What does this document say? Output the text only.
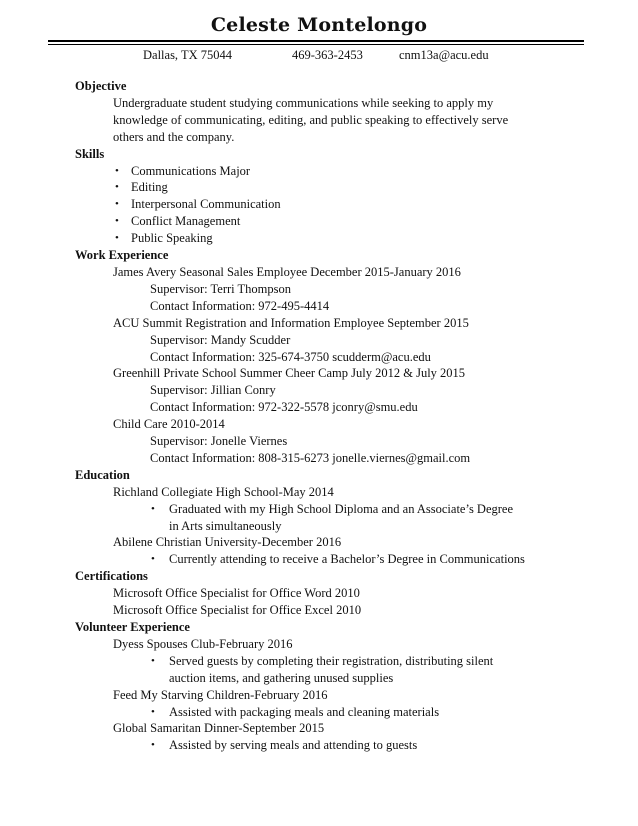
Celeste Montelongo
Dallas, TX 75044	469-363-2453	cnm13a@acu.edu
Objective
Undergraduate student studying communications while seeking to apply my
knowledge of communicating, editing, and public speaking to effectively serve
others and the company.
Skills
• Communications Major
• Editing
• Interpersonal Communication
• Conflict Management
• Public Speaking
Work Experience
James Avery Seasonal Sales Employee December 2015-January 2016
Supervisor: Terri Thompson
Contact Information: 972-495-4414
ACU Summit Registration and Information Employee September 2015
Supervisor: Mandy Scudder
Contact Information: 325-674-3750 scudderm@acu.edu
Greenhill Private School Summer Cheer Camp July 2012 & July 2015
Supervisor: Jillian Conry
Contact Information: 972-322-5578 jconry@smu.edu
Child Care 2010-2014
Supervisor: Jonelle Viernes
Contact Information: 808-315-6273 jonelle.viernes@gmail.com
Education
Richland Collegiate High School-May 2014
• Graduated with my High School Diploma and an Associate’s Degree
in Arts simultaneously
Abilene Christian University-December 2016
• Currently attending to receive a Bachelor’s Degree in Communications
Certifications
Microsoft Office Specialist for Office Word 2010
Microsoft Office Specialist for Office Excel 2010
Volunteer Experience
Dyess Spouses Club-February 2016
• Served guests by completing their registration, distributing silent
auction items, and gathering unused supplies
Feed My Starving Children-February 2016
• Assisted with packaging meals and cleaning materials
Global Samaritan Dinner-September 2015
• Assisted by serving meals and attending to guests
